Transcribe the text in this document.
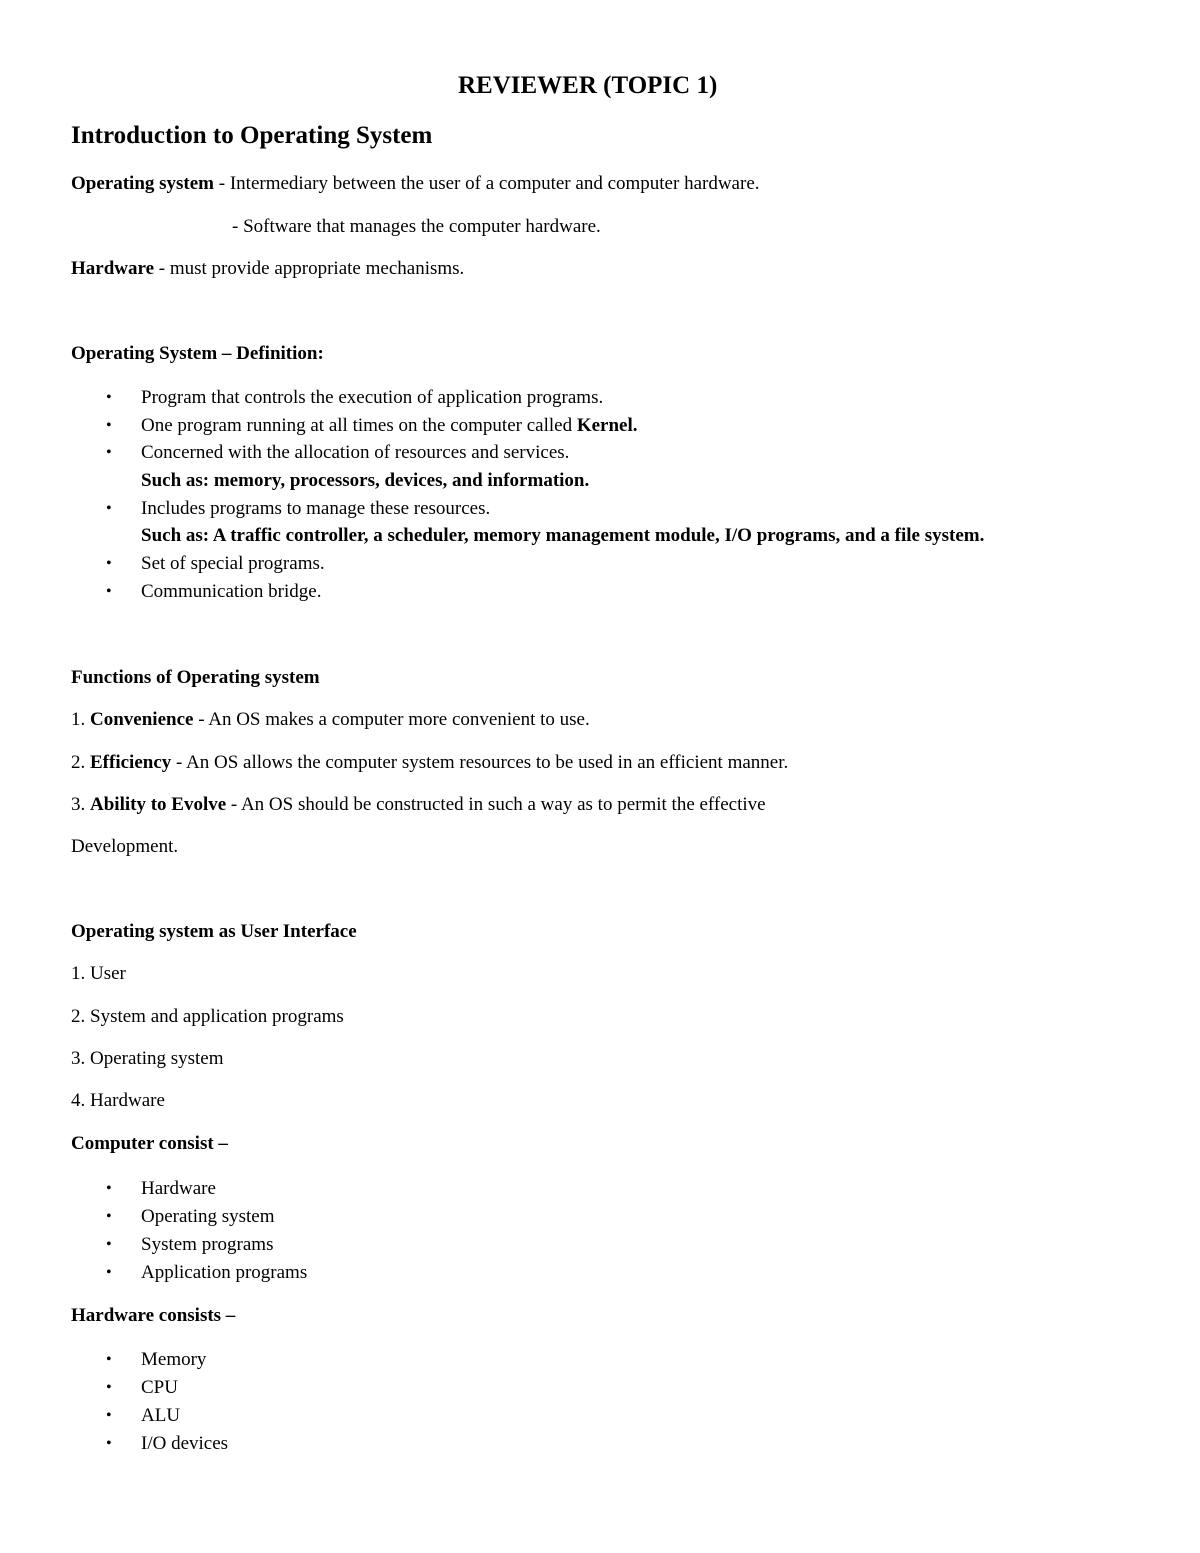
REVIEWER (TOPIC 1)
Introduction to Operating System
Operating system - Intermediary between the user of a computer and computer hardware.
- Software that manages the computer hardware.
Hardware - must provide appropriate mechanisms.
Operating System – Definition:
• Program that controls the execution of application programs.
• One program running at all times on the computer called Kernel.
• Concerned with the allocation of resources and services.
Such as: memory, processors, devices, and information.
• Includes programs to manage these resources.
Such as: A traffic controller, a scheduler, memory management module, I/O programs, and a file system.
• Set of special programs.
• Communication bridge.
Functions of Operating system
1. Convenience - An OS makes a computer more convenient to use.
2. Efficiency - An OS allows the computer system resources to be used in an efficient manner.
3. Ability to Evolve - An OS should be constructed in such a way as to permit the effective
Development.
Operating system as User Interface
1. User
2. System and application programs
3. Operating system
4. Hardware
Computer consist –
• Hardware
• Operating system
• System programs
• Application programs
Hardware consists –
• Memory
• CPU
• ALU
• I/O devices
